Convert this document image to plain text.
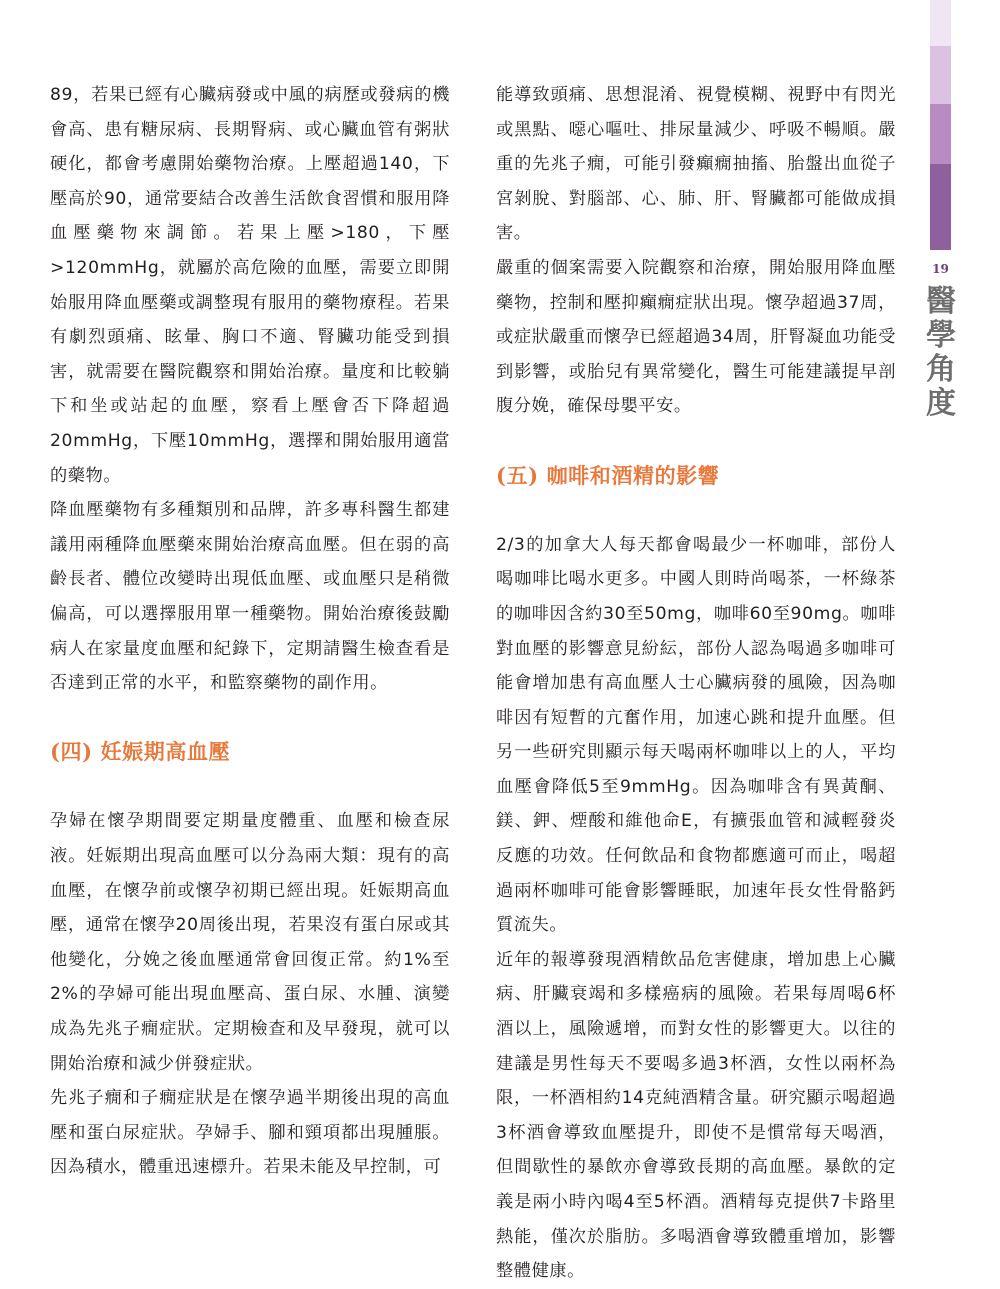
89，若果已經有心臟病發或中風的病歷或發病的機會高、患有糖尿病、長期腎病、或心臟血管有粥狀硬化，都會考慮開始藥物治療。上壓超過140，下壓高於90，通常要結合改善生活飲食習慣和服用降血壓藥物來調節。若果上壓>180，下壓>120mmHg，就屬於高危險的血壓，需要立即開始服用降血壓藥或調整現有服用的藥物療程。若果有劇烈頭痛、眩暈、胸口不適、腎臟功能受到損害，就需要在醫院觀察和開始治療。量度和比較躺下和坐或站起的血壓，察看上壓會否下降超過20mmHg，下壓10mmHg，選擇和開始服用適當的藥物。

降血壓藥物有多種類別和品牌，許多專科醫生都建議用兩種降血壓藥來開始治療高血壓。但在弱的高齡長者、體位改變時出現低血壓、或血壓只是稍微偏高，可以選擇服用單一種藥物。開始治療後鼓勵病人在家量度血壓和紀錄下，定期請醫生檢查看是否達到正常的水平，和監察藥物的副作用。

(四) 妊娠期高血壓

孕婦在懷孕期間要定期量度體重、血壓和檢查尿液。妊娠期出現高血壓可以分為兩大類：現有的高血壓，在懷孕前或懷孕初期已經出現。妊娠期高血壓，通常在懷孕20周後出現，若果沒有蛋白尿或其他變化，分娩之後血壓通常會回復正常。約1%至2%的孕婦可能出現血壓高、蛋白尿、水腫、演變成為先兆子癇症狀。定期檢查和及早發現，就可以開始治療和減少併發症狀。

先兆子癇和子癇症狀是在懷孕過半期後出現的高血壓和蛋白尿症狀。孕婦手、腳和頸項都出現腫脹。因為積水，體重迅速標升。若果未能及早控制，可

能導致頭痛、思想混淆、視覺模糊、視野中有閃光或黑點、噁心嘔吐、排尿量減少、呼吸不暢順。嚴重的先兆子癇，可能引發癲癇抽搐、胎盤出血從子宮剝脫、對腦部、心、肺、肝、腎臟都可能做成損害。

嚴重的個案需要入院觀察和治療，開始服用降血壓藥物，控制和壓抑癲癇症狀出現。懷孕超過37周，或症狀嚴重而懷孕已經超過34周，肝腎凝血功能受到影響，或胎兒有異常變化，醫生可能建議提早剖腹分娩，確保母嬰平安。

(五) 咖啡和酒精的影響

2/3的加拿大人每天都會喝最少一杯咖啡，部份人喝咖啡比喝水更多。中國人則時尚喝茶，一杯綠茶的咖啡因含約30至50mg，咖啡60至90mg。咖啡對血壓的影響意見紛紜，部份人認為喝過多咖啡可能會增加患有高血壓人士心臟病發的風險，因為咖啡因有短暫的亢奮作用，加速心跳和提升血壓。但另一些研究則顯示每天喝兩杯咖啡以上的人，平均血壓會降低5至9mmHg。因為咖啡含有異黃酮、鎂、鉀、煙酸和維他命E，有擴張血管和減輕發炎反應的功效。任何飲品和食物都應適可而止，喝超過兩杯咖啡可能會影響睡眠，加速年長女性骨骼鈣質流失。

近年的報導發現酒精飲品危害健康，增加患上心臟病、肝臟衰竭和多樣癌病的風險。若果每周喝6杯酒以上，風險遞增，而對女性的影響更大。以往的建議是男性每天不要喝多過3杯酒，女性以兩杯為限，一杯酒相約14克純酒精含量。研究顯示喝超過3杯酒會導致血壓提升，即使不是慣常每天喝酒，但間歇性的暴飲亦會導致長期的高血壓。暴飲的定義是兩小時內喝4至5杯酒。酒精每克提供7卡路里熱能，僅次於脂肪。多喝酒會導致體重增加，影響整體健康。

19
醫
學
角
度
